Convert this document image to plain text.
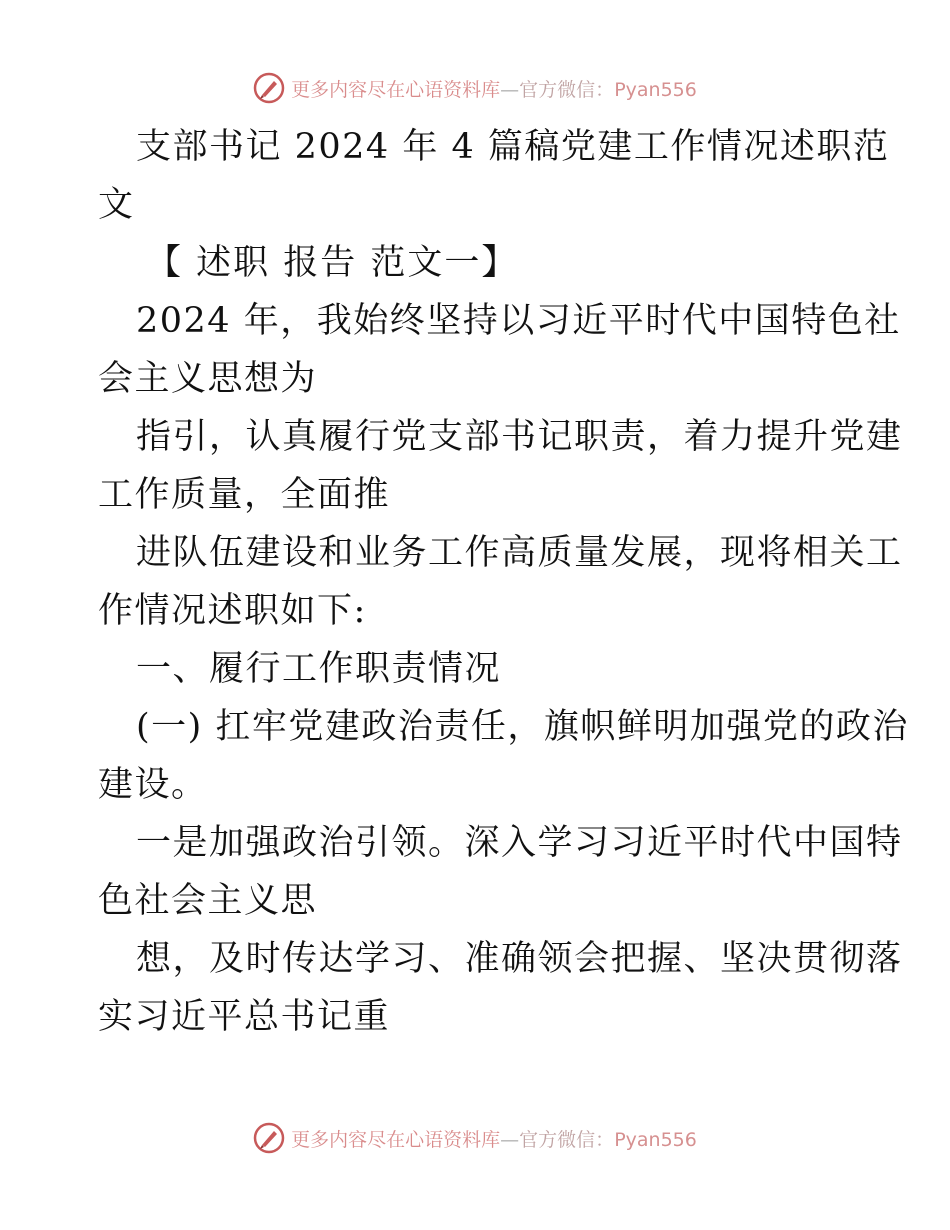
更多内容尽在心语资料库 — 官方微信： Pyan556
支部书记 2024 年 4 篇稿党建工作情况述职范
文
【 述职 报告 范文一】
2024 年，我始终坚持以习近平时代中国特色社
会主义思想为
指引，认真履行党支部书记职责，着力提升党建
工作质量，全面推
进队伍建设和业务工作高质量发展，现将相关工
作情况述职如下:
一、履行工作职责情况
(一) 扛牢党建政治责任，旗帜鲜明加强党的政治
建设。
一是加强政治引领。深入学习习近平时代中国特
色社会主义思
想，及时传达学习、准确领会把握、坚决贯彻落
实习近平总书记重
更多内容尽在心语资料库 — 官方微信： Pyan556
